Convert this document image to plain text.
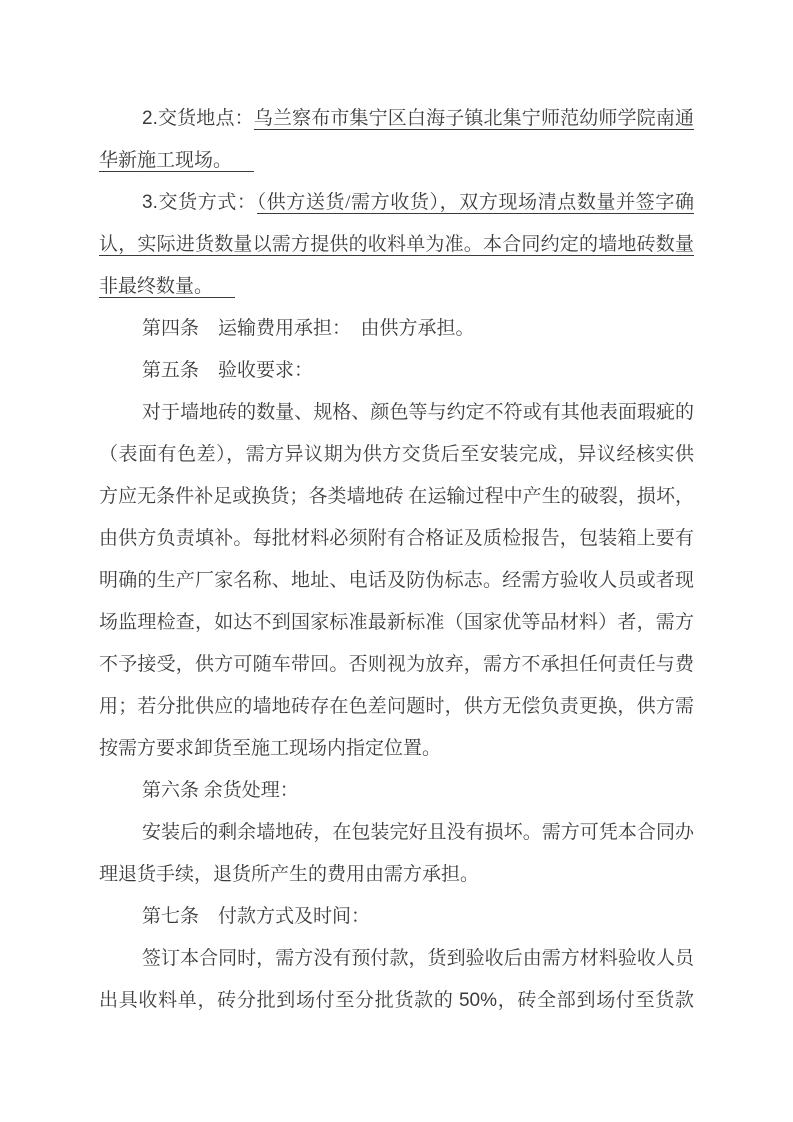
2.交货地点：乌兰察布市集宁区白海子镇北集宁师范幼师学院南通
华新施工现场。
3.交货方式：（供方送货/需方收货），双方现场清点数量并签字确
认，实际进货数量以需方提供的收料单为准。本合同约定的墙地砖数量
非最终数量。
第四条　运输费用承担：　由供方承担。
第五条　验收要求：
对于墙地砖的数量、规格、颜色等与约定不符或有其他表面瑕疵的
（表面有色差），需方异议期为供方交货后至安装完成，异议经核实供
方应无条件补足或换货；各类墙地砖 在运输过程中产生的破裂，损坏，
由供方负责填补。每批材料必须附有合格证及质检报告，包装箱上要有
明确的生产厂家名称、地址、电话及防伪标志。经需方验收人员或者现
场监理检查，如达不到国家标准最新标准（国家优等品材料）者，需方
不予接受，供方可随车带回。否则视为放弃，需方不承担任何责任与费
用；若分批供应的墙地砖存在色差问题时，供方无偿负责更换，供方需
按需方要求卸货至施工现场内指定位置。
第六条 余货处理：
安装后的剩余墙地砖，在包装完好且没有损坏。需方可凭本合同办
理退货手续，退货所产生的费用由需方承担。
第七条　付款方式及时间：
签订本合同时，需方没有预付款，货到验收后由需方材料验收人员
出具收料单，砖分批到场付至分批货款的 50%，砖全部到场付至货款
